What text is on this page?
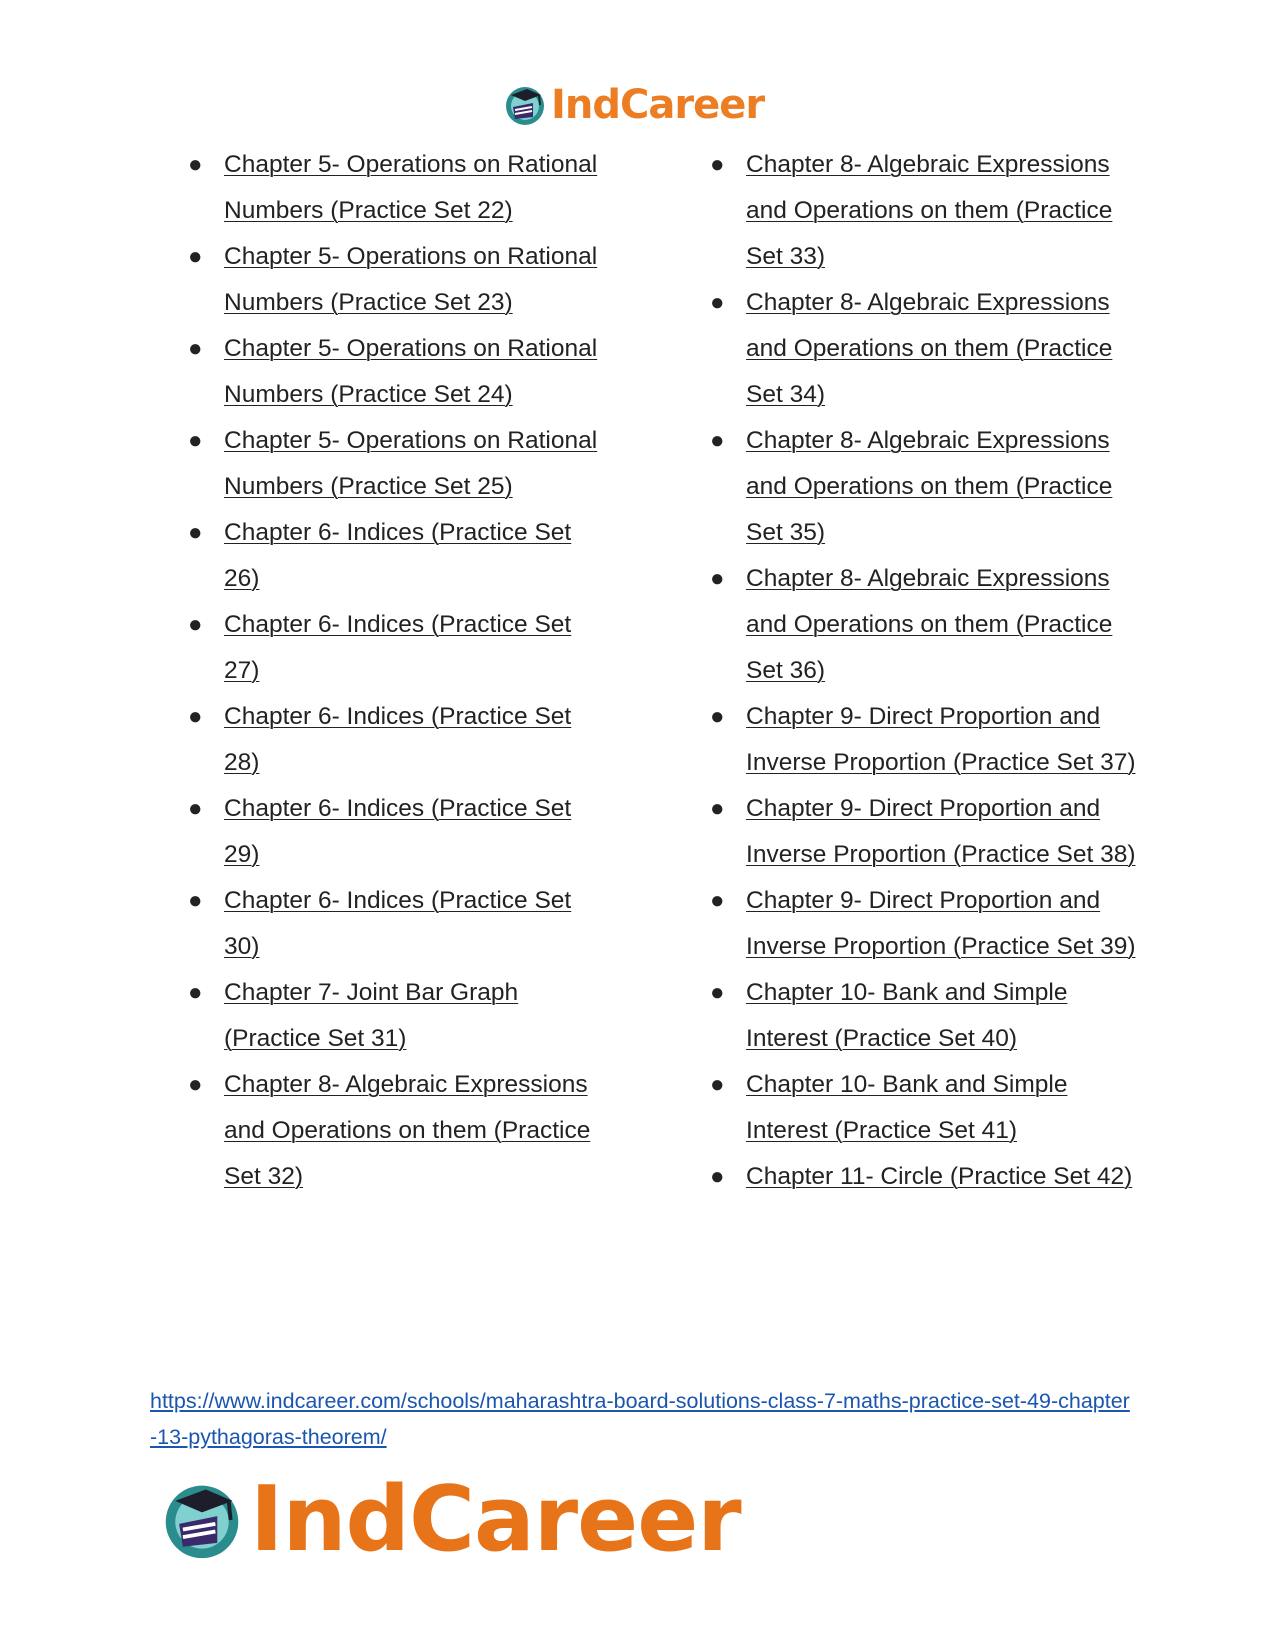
IndCareer
● Chapter 5- Operations on Rational Numbers (Practice Set 22)
● Chapter 5- Operations on Rational Numbers (Practice Set 23)
● Chapter 5- Operations on Rational Numbers (Practice Set 24)
● Chapter 5- Operations on Rational Numbers (Practice Set 25)
● Chapter 6- Indices (Practice Set 26)
● Chapter 6- Indices (Practice Set 27)
● Chapter 6- Indices (Practice Set 28)
● Chapter 6- Indices (Practice Set 29)
● Chapter 6- Indices (Practice Set 30)
● Chapter 7- Joint Bar Graph (Practice Set 31)
● Chapter 8- Algebraic Expressions and Operations on them (Practice Set 32)
● Chapter 8- Algebraic Expressions and Operations on them (Practice Set 33)
● Chapter 8- Algebraic Expressions and Operations on them (Practice Set 34)
● Chapter 8- Algebraic Expressions and Operations on them (Practice Set 35)
● Chapter 8- Algebraic Expressions and Operations on them (Practice Set 36)
● Chapter 9- Direct Proportion and Inverse Proportion (Practice Set 37)
● Chapter 9- Direct Proportion and Inverse Proportion (Practice Set 38)
● Chapter 9- Direct Proportion and Inverse Proportion (Practice Set 39)
● Chapter 10- Bank and Simple Interest (Practice Set 40)
● Chapter 10- Bank and Simple Interest (Practice Set 41)
● Chapter 11- Circle (Practice Set 42)
https://www.indcareer.com/schools/maharashtra-board-solutions-class-7-maths-practice-set-49-chapter-13-pythagoras-theorem/
IndCareer
